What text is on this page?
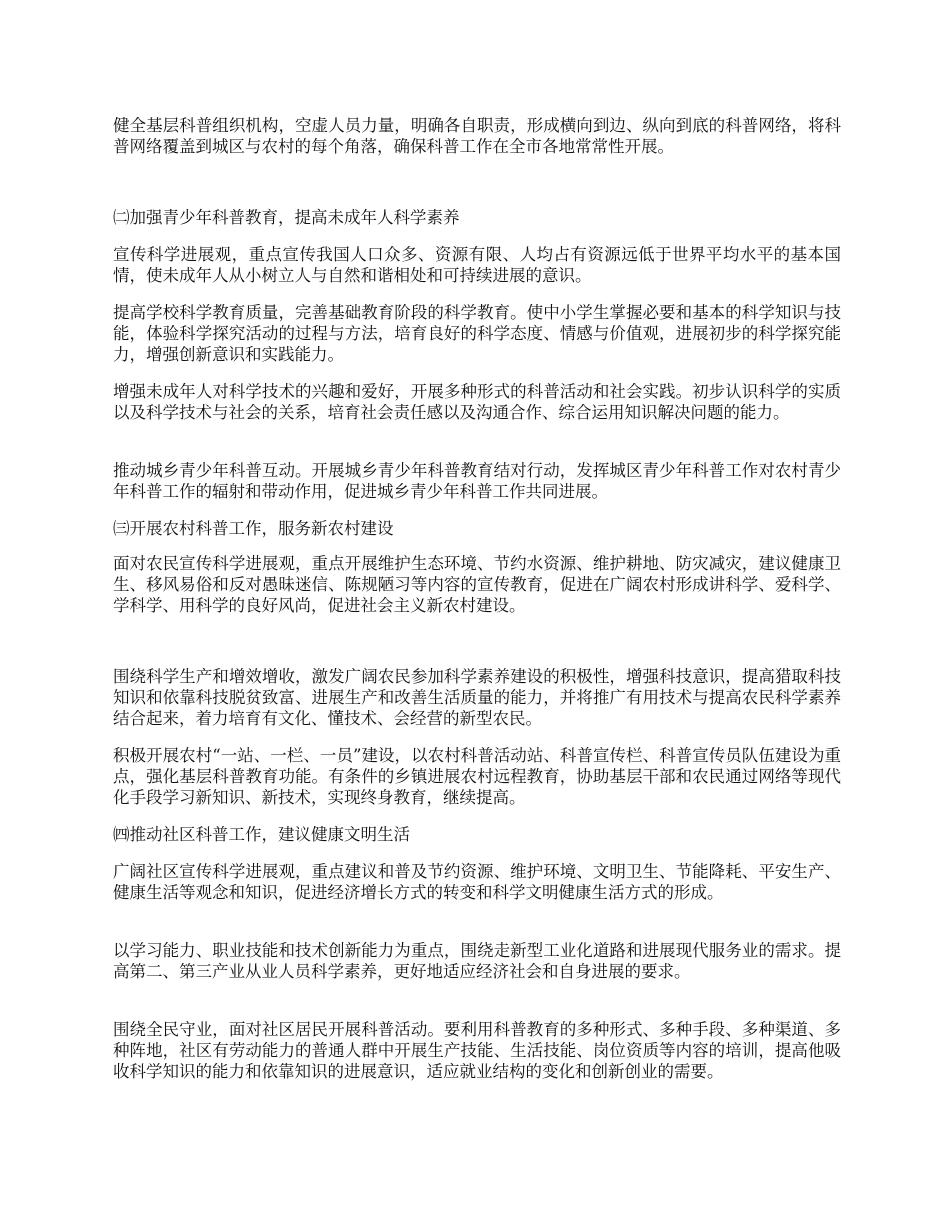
健全基层科普组织机构，空虚人员力量，明确各自职责，形成横向到边、纵向到底的科普网络，将科普网络覆盖到城区与农村的每个角落，确保科普工作在全市各地常常性开展。

㈡加强青少年科普教育，提高未成年人科学素养

宣传科学进展观，重点宣传我国人口众多、资源有限、人均占有资源远低于世界平均水平的基本国情，使未成年人从小树立人与自然和谐相处和可持续进展的意识。

提高学校科学教育质量，完善基础教育阶段的科学教育。使中小学生掌握必要和基本的科学知识与技能，体验科学探究活动的过程与方法，培育良好的科学态度、情感与价值观，进展初步的科学探究能力，增强创新意识和实践能力。

增强未成年人对科学技术的兴趣和爱好，开展多种形式的科普活动和社会实践。初步认识科学的实质以及科学技术与社会的关系，培育社会责任感以及沟通合作、综合运用知识解决问题的能力。

推动城乡青少年科普互动。开展城乡青少年科普教育结对行动，发挥城区青少年科普工作对农村青少年科普工作的辐射和带动作用，促进城乡青少年科普工作共同进展。

㈢开展农村科普工作，服务新农村建设

面对农民宣传科学进展观，重点开展维护生态环境、节约水资源、维护耕地、防灾减灾，建议健康卫生、移风易俗和反对愚昧迷信、陈规陋习等内容的宣传教育，促进在广阔农村形成讲科学、爱科学、学科学、用科学的良好风尚，促进社会主义新农村建设。

围绕科学生产和增效增收，激发广阔农民参加科学素养建设的积极性，增强科技意识，提高猎取科技知识和依靠科技脱贫致富、进展生产和改善生活质量的能力，并将推广有用技术与提高农民科学素养结合起来，着力培育有文化、懂技术、会经营的新型农民。

积极开展农村“一站、一栏、一员”建设，以农村科普活动站、科普宣传栏、科普宣传员队伍建设为重点，强化基层科普教育功能。有条件的乡镇进展农村远程教育，协助基层干部和农民通过网络等现代化手段学习新知识、新技术，实现终身教育，继续提高。

㈣推动社区科普工作，建议健康文明生活

广阔社区宣传科学进展观，重点建议和普及节约资源、维护环境、文明卫生、节能降耗、平安生产、健康生活等观念和知识，促进经济增长方式的转变和科学文明健康生活方式的形成。

以学习能力、职业技能和技术创新能力为重点，围绕走新型工业化道路和进展现代服务业的需求。提高第二、第三产业从业人员科学素养，更好地适应经济社会和自身进展的要求。

围绕全民守业，面对社区居民开展科普活动。要利用科普教育的多种形式、多种手段、多种渠道、多种阵地，社区有劳动能力的普通人群中开展生产技能、生活技能、岗位资质等内容的培训，提高他吸收科学知识的能力和依靠知识的进展意识，适应就业结构的变化和创新创业的需要。
